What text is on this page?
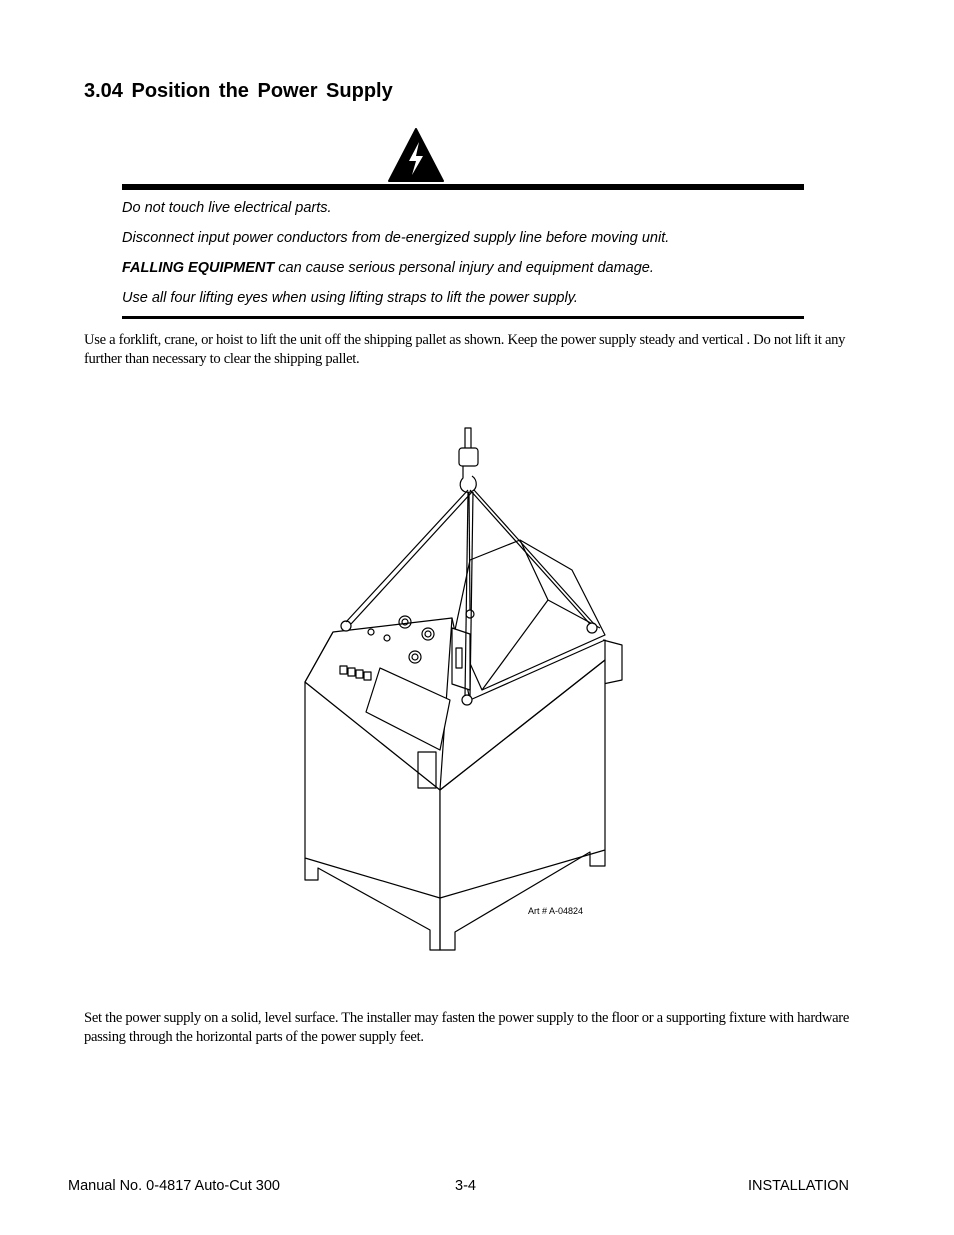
3.04 Position the Power Supply

Do not touch live electrical parts.

Disconnect input power conductors from de-energized supply line before moving unit.

FALLING EQUIPMENT can cause serious personal injury and equipment damage.

Use all four lifting eyes when using lifting straps to lift the power supply.

Use a forklift, crane, or hoist to lift the unit off the shipping pallet as shown. Keep the power supply steady and vertical . Do not lift it any further than necessary to clear the shipping pallet.

Art # A-04824

Set the power supply on a solid, level surface. The installer may fasten the power supply to the floor or a supporting fixture with hardware passing through the horizontal parts of the power supply feet.

Manual No. 0-4817 Auto-Cut 300	3-4	INSTALLATION
